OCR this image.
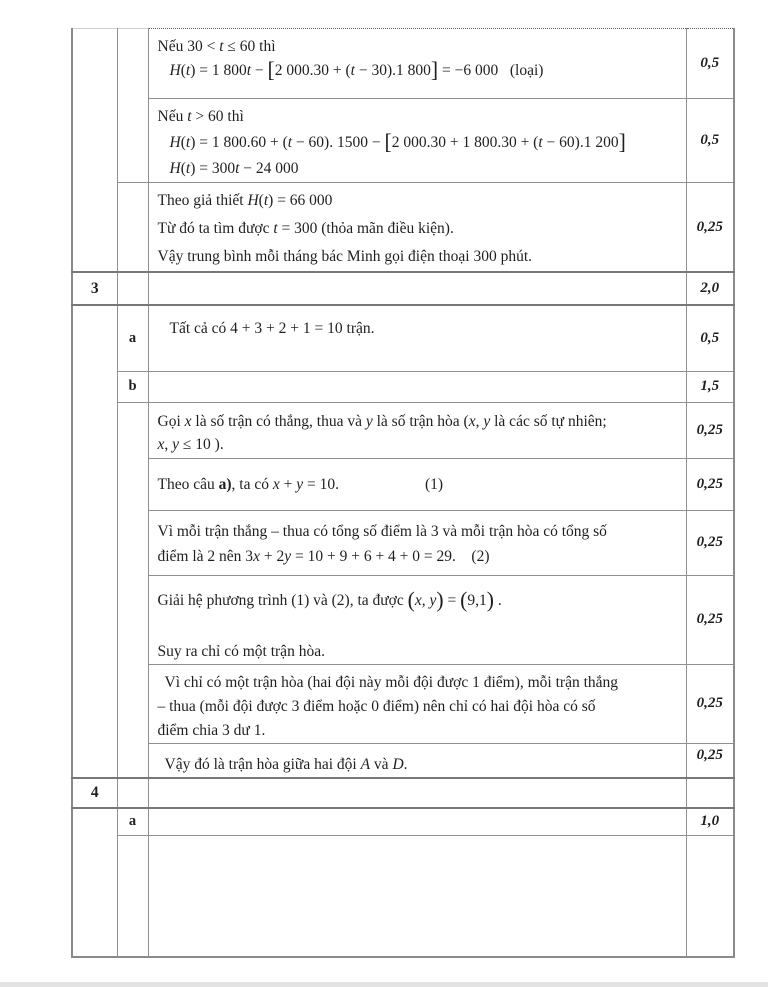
		Nếu 30 < t ≤ 60 thì
H(t) = 1 800t − [2 000.30 + (t − 30).1 800] = −6 000   (loại)	0,5

		Nếu t > 60 thì
H(t) = 1 800.60 + (t − 60). 1500 − [2 000.30 + 1 800.30 + (t − 60).1 200]
H(t) = 300t − 24 000	0,5

		Theo giả thiết H(t) = 66 000
Từ đó ta tìm được t = 300 (thỏa mãn điều kiện).
Vậy trung bình mỗi tháng bác Minh gọi điện thoại 300 phút.	0,25
3			2,0
	a	Tất cả có 4 + 3 + 2 + 1 = 10 trận.	0,5
	b		1,5

		Gọi x là số trận có thắng, thua và y là số trận hòa (x, y là các số tự nhiên;
x, y ≤ 10 ).	0,25

		Theo câu a), ta có x + y = 10. (1)	0,25

		Vì mỗi trận thắng – thua có tổng số điểm là 3 và mỗi trận hòa có tổng số
điểm là 2 nên 3x + 2y = 10 + 9 + 6 + 4 + 0 = 29.    (2)	0,25

		Giải hệ phương trình (1) và (2), ta được (x, y) = (9,1) .
Suy ra chỉ có một trận hòa.	0,25

		Vì chỉ có một trận hòa (hai đội này mỗi đội được 1 điểm), mỗi trận thắng
– thua (mỗi đội được 3 điểm hoặc 0 điểm) nên chỉ có hai đội hòa có số
điểm chia 3 dư 1.	0,25

		Vậy đó là trận hòa giữa hai đội A và D.	0,25
4			
	a		1,0
